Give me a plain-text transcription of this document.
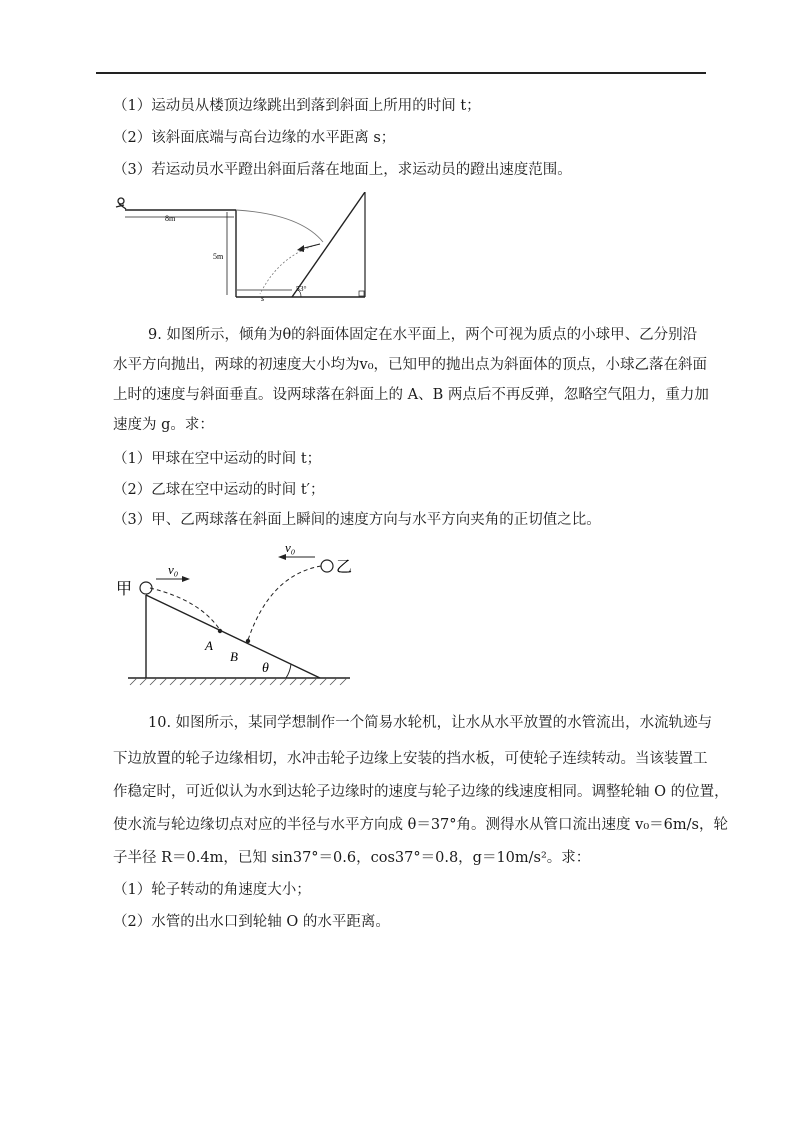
（1）运动员从楼顶边缘跳出到落到斜面上所用的时间 t；
（2）该斜面底端与高台边缘的水平距离 s；
（3）若运动员水平蹬出斜面后落在地面上，求运动员的蹬出速度范围。
8m
5m
s
53°
9. 如图所示，倾角为θ的斜面体固定在水平面上，两个可视为质点的小球甲、乙分别沿
水平方向抛出，两球的初速度大小均为v₀，已知甲的抛出点为斜面体的顶点，小球乙落在斜面
上时的速度与斜面垂直。设两球落在斜面上的 A、B 两点后不再反弹，忽略空气阻力，重力加
速度为 g。求：
（1）甲球在空中运动的时间 t；
（2）乙球在空中运动的时间 t′；
（3）甲、乙两球落在斜面上瞬间的速度方向与水平方向夹角的正切值之比。
θ
甲
v₀
A
乙
v₀
B
10. 如图所示，某同学想制作一个简易水轮机，让水从水平放置的水管流出，水流轨迹与
下边放置的轮子边缘相切，水冲击轮子边缘上安装的挡水板，可使轮子连续转动。当该装置工
作稳定时，可近似认为水到达轮子边缘时的速度与轮子边缘的线速度相同。调整轮轴 O 的位置，
使水流与轮边缘切点对应的半径与水平方向成 θ＝37°角。测得水从管口流出速度 v₀＝6m/s，轮
子半径 R＝0.4m，已知 sin37°＝0.6，cos37°＝0.8，g＝10m/s²。求：
（1）轮子转动的角速度大小；
（2）水管的出水口到轮轴 O 的水平距离。
